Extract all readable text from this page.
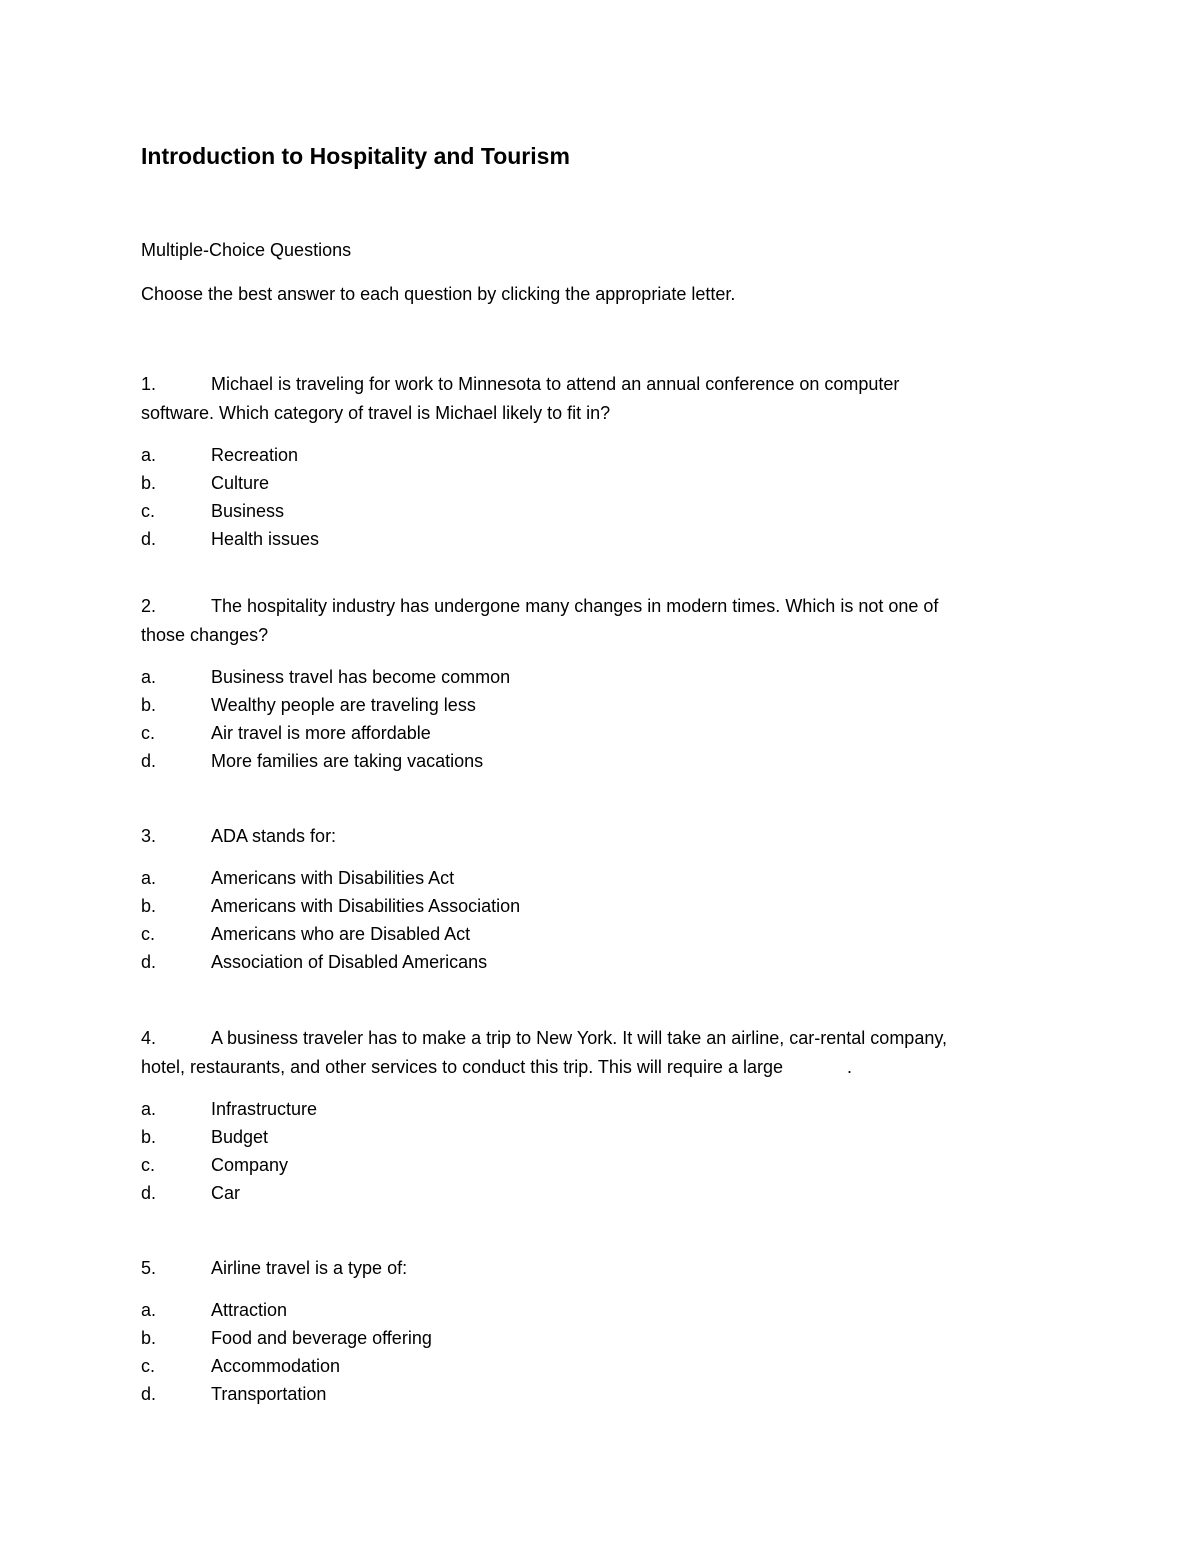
Introduction to Hospitality and Tourism
Multiple-Choice Questions
Choose the best answer to each question by clicking the appropriate letter.
1.	Michael is traveling for work to Minnesota to attend an annual conference on computer
software. Which category of travel is Michael likely to fit in?
a.	Recreation
b.	Culture
c.	Business
d.	Health issues
2.	The hospitality industry has undergone many changes in modern times. Which is not one of
those changes?
a.	Business travel has become common
b.	Wealthy people are traveling less
c.	Air travel is more affordable
d.	More families are taking vacations
3.	ADA stands for:
a.	Americans with Disabilities Act
b.	Americans with Disabilities Association
c.	Americans who are Disabled Act
d.	Association of Disabled Americans
4.	A business traveler has to make a trip to New York. It will take an airline, car-rental company,
hotel, restaurants, and other services to conduct this trip. This will require a large	.
a.	Infrastructure
b.	Budget
c.	Company
d.	Car
5.	Airline travel is a type of:
a.	Attraction
b.	Food and beverage offering
c.	Accommodation
d.	Transportation
